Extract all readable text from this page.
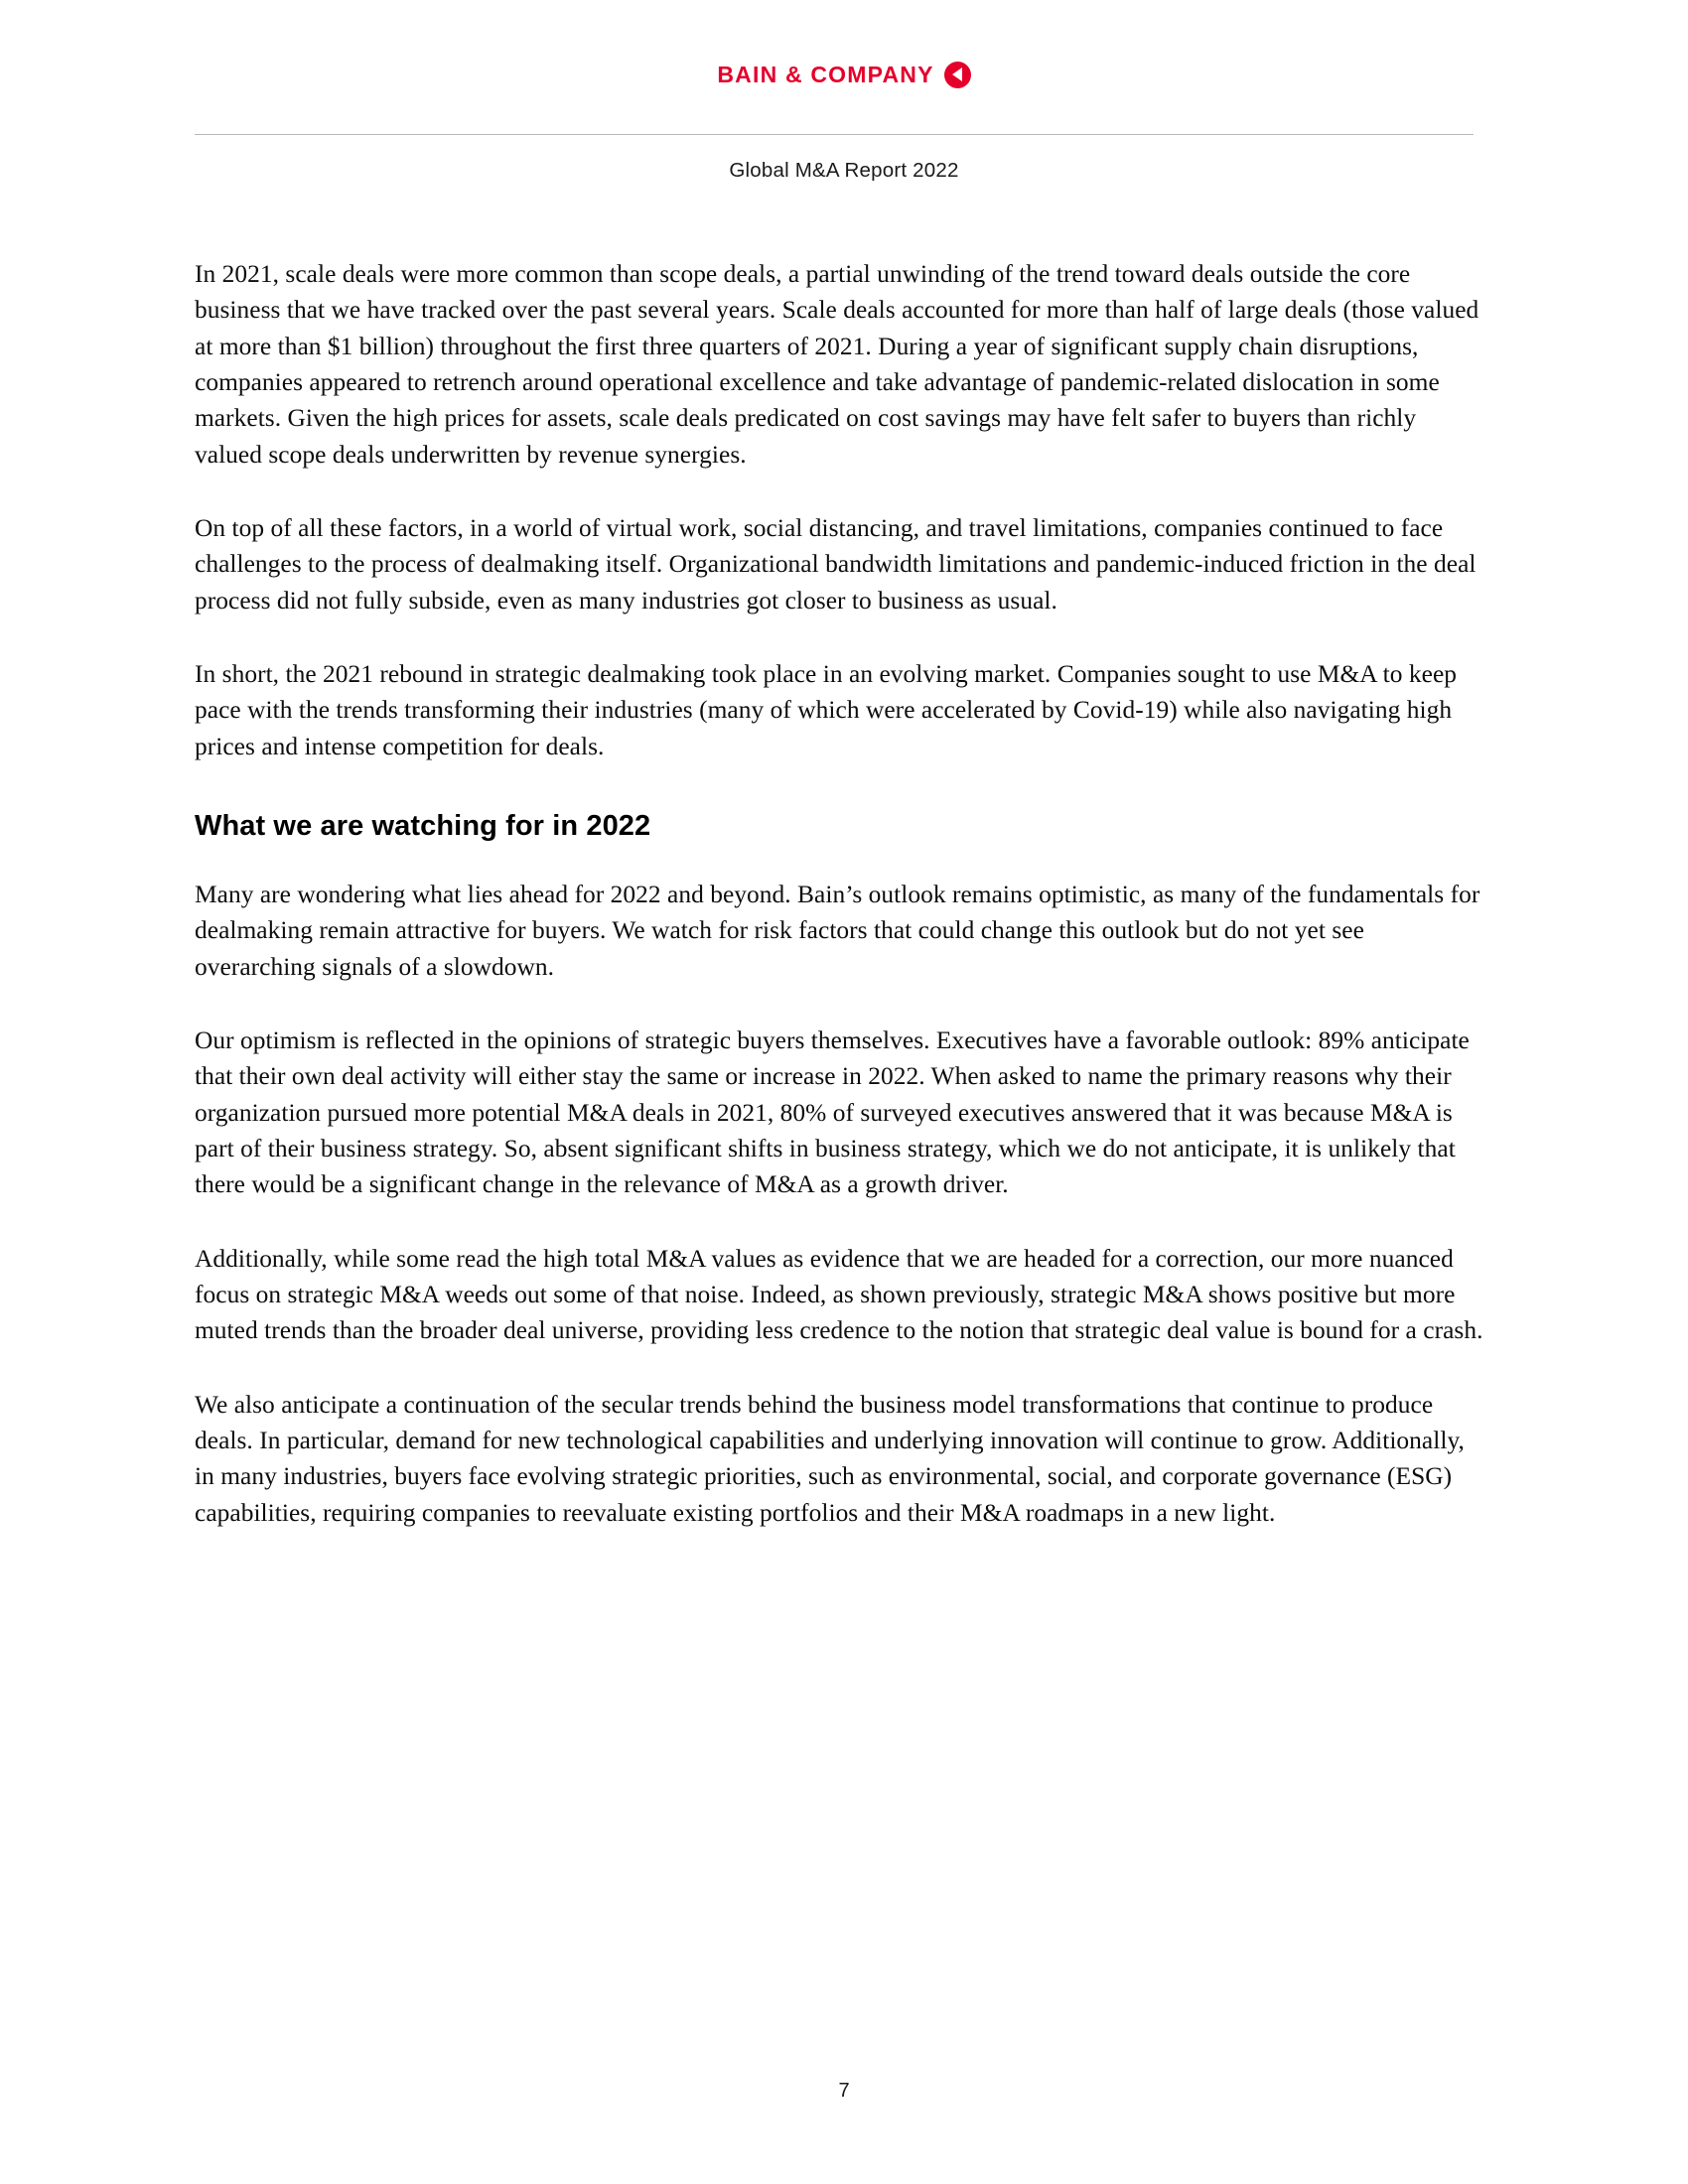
BAIN & COMPANY
Global M&A Report 2022

In 2021, scale deals were more common than scope deals, a partial unwinding of the trend toward deals outside the core business that we have tracked over the past several years. Scale deals accounted for more than half of large deals (those valued at more than $1 billion) throughout the first three quarters of 2021. During a year of significant supply chain disruptions, companies appeared to retrench around operational excellence and take advantage of pandemic-related dislocation in some markets. Given the high prices for assets, scale deals predicated on cost savings may have felt safer to buyers than richly valued scope deals underwritten by revenue synergies.

On top of all these factors, in a world of virtual work, social distancing, and travel limitations, companies continued to face challenges to the process of dealmaking itself. Organizational bandwidth limitations and pandemic-induced friction in the deal process did not fully subside, even as many industries got closer to business as usual.

In short, the 2021 rebound in strategic dealmaking took place in an evolving market. Companies sought to use M&A to keep pace with the trends transforming their industries (many of which were accelerated by Covid-19) while also navigating high prices and intense competition for deals.

What we are watching for in 2022

Many are wondering what lies ahead for 2022 and beyond. Bain’s outlook remains optimistic, as many of the fundamentals for dealmaking remain attractive for buyers. We watch for risk factors that could change this outlook but do not yet see overarching signals of a slowdown.

Our optimism is reflected in the opinions of strategic buyers themselves. Executives have a favorable outlook: 89% anticipate that their own deal activity will either stay the same or increase in 2022. When asked to name the primary reasons why their organization pursued more potential M&A deals in 2021, 80% of surveyed executives answered that it was because M&A is part of their business strategy. So, absent significant shifts in business strategy, which we do not anticipate, it is unlikely that there would be a significant change in the relevance of M&A as a growth driver.

Additionally, while some read the high total M&A values as evidence that we are headed for a correction, our more nuanced focus on strategic M&A weeds out some of that noise. Indeed, as shown previously, strategic M&A shows positive but more muted trends than the broader deal universe, providing less credence to the notion that strategic deal value is bound for a crash.

We also anticipate a continuation of the secular trends behind the business model transformations that continue to produce deals. In particular, demand for new technological capabilities and underlying innovation will continue to grow. Additionally, in many industries, buyers face evolving strategic priorities, such as environmental, social, and corporate governance (ESG) capabilities, requiring companies to reevaluate existing portfolios and their M&A roadmaps in a new light.

7
